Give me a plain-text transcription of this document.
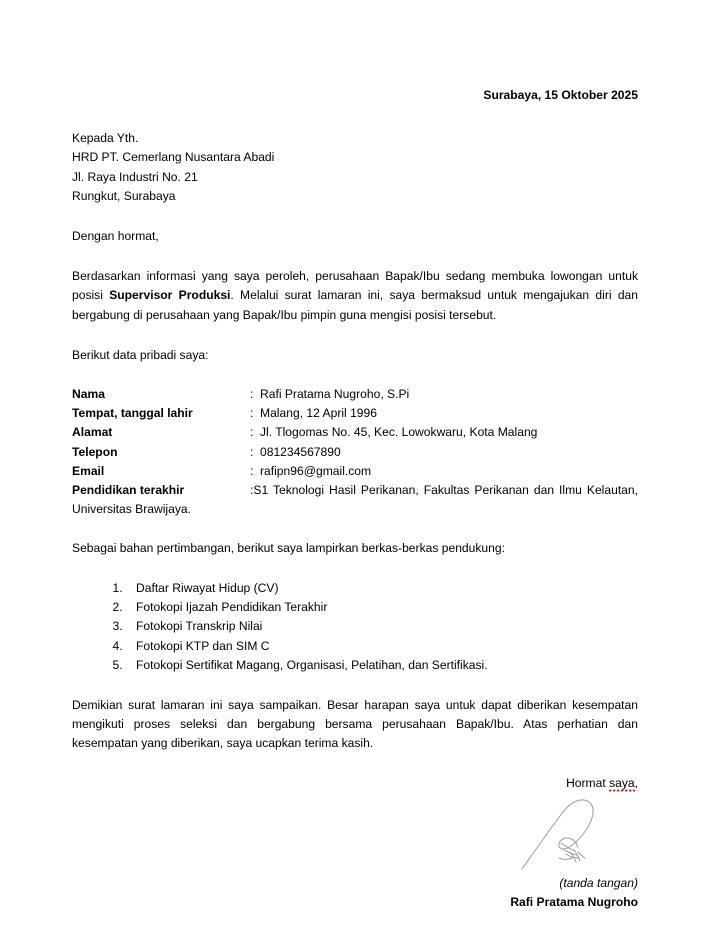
Surabaya, 15 Oktober 2025
Kepada Yth.
HRD PT. Cemerlang Nusantara Abadi
Jl. Raya Industri No. 21
Rungkut, Surabaya
Dengan hormat,

Berdasarkan informasi yang saya peroleh, perusahaan Bapak/Ibu sedang membuka lowongan untuk posisi Supervisor Produksi. Melalui surat lamaran ini, saya bermaksud untuk mengajukan diri dan bergabung di perusahaan yang Bapak/Ibu pimpin guna mengisi posisi tersebut.

Berikut data pribadi saya:

Nama	: Rafi Pratama Nugroho, S.Pi
Tempat, tanggal lahir	: Malang, 12 April 1996
Alamat	: Jl. Tlogomas No. 45, Kec. Lowokwaru, Kota Malang
Telepon	: 081234567890
Email	: rafipn96@gmail.com

Pendidikan terakhir	:S1 Teknologi Hasil Perikanan, Fakultas Perikanan dan Ilmu Kelautan, Universitas Brawijaya.

Sebagai bahan pertimbangan, berikut saya lampirkan berkas-berkas pendukung:

1. Daftar Riwayat Hidup (CV)
2. Fotokopi Ijazah Pendidikan Terakhir
3. Fotokopi Transkrip Nilai
4. Fotokopi KTP dan SIM C
5. Fotokopi Sertifikat Magang, Organisasi, Pelatihan, dan Sertifikasi.

Demikian surat lamaran ini saya sampaikan. Besar harapan saya untuk dapat diberikan kesempatan mengikuti proses seleksi dan bergabung bersama perusahaan Bapak/Ibu. Atas perhatian dan kesempatan yang diberikan, saya ucapkan terima kasih.

Hormat saya,

(tanda tangan)

Rafi Pratama Nugroho
